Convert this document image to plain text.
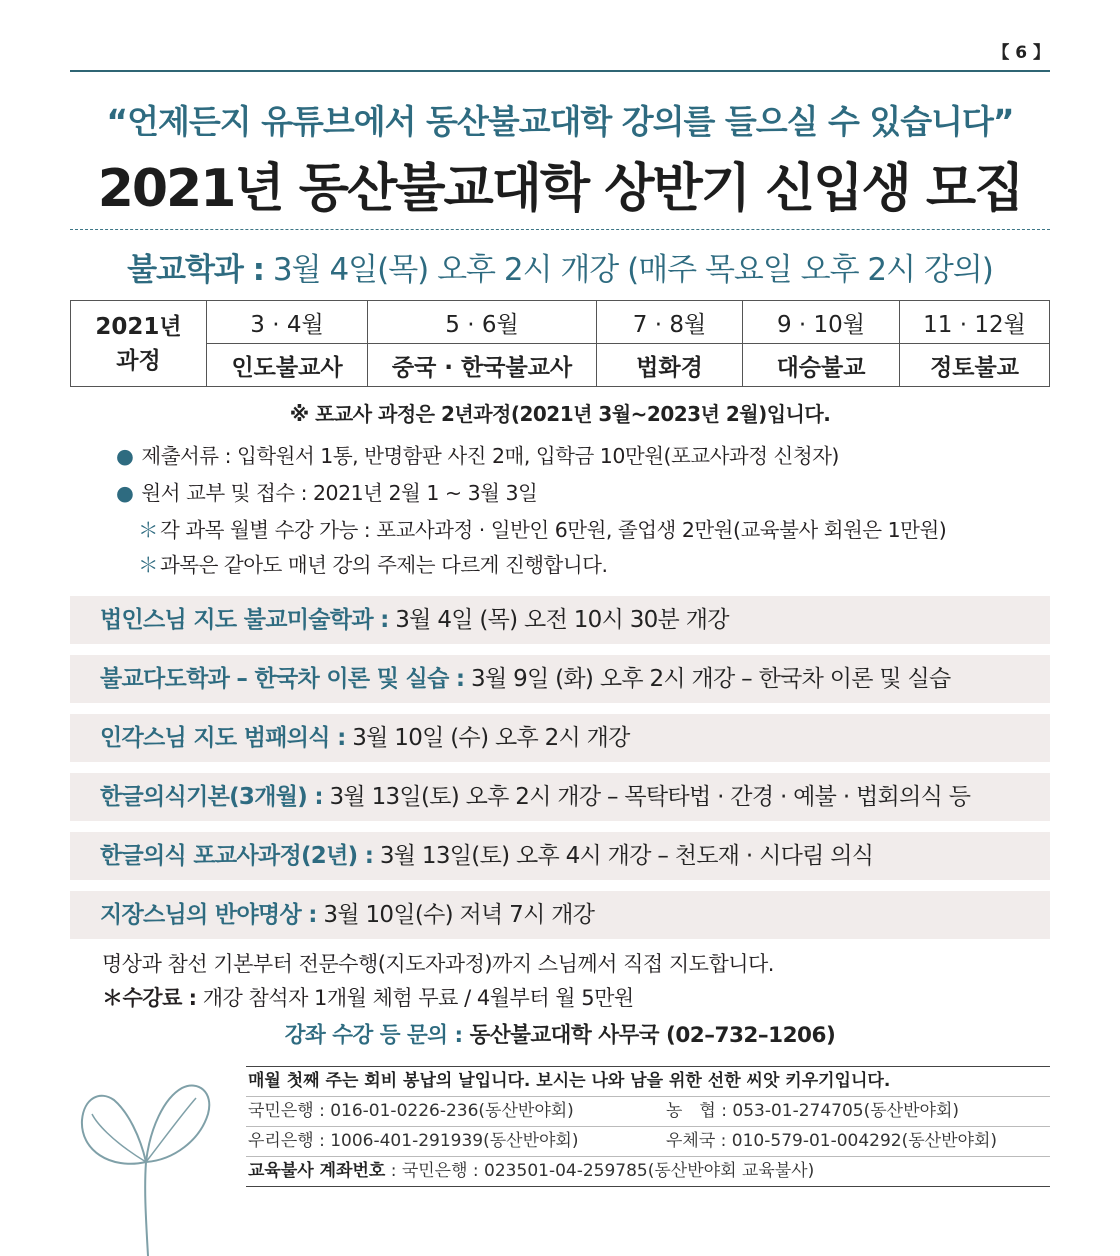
【 6 】
“언제든지 유튜브에서 동산불교대학 강의를 들으실 수 있습니다”
2021년 동산불교대학 상반기 신입생 모집
불교학과 : 3월 4일(목) 오후 2시 개강 (매주 목요일 오후 2시 강의)
2021년
과정	3 · 4월	5 · 6월	7 · 8월	9 · 10월	11 · 12월
	인도불교사	중국 · 한국불교사	법화경	대승불교	정토불교
※ 포교사 과정은 2년과정(2021년 3월~2023년 2월)입니다.
● 제출서류 : 입학원서 1통, 반명함판 사진 2매, 입학금 10만원(포교사과정 신청자)
● 원서 교부 및 접수 : 2021년 2월 1 ~ 3월 3일
＊각 과목 월별 수강 가능 : 포교사과정 · 일반인 6만원, 졸업생 2만원(교육불사 회원은 1만원)
＊과목은 같아도 매년 강의 주제는 다르게 진행합니다.
법인스님 지도 불교미술학과 : 3월 4일 (목) 오전 10시 30분 개강
불교다도학과 – 한국차 이론 및 실습 : 3월 9일 (화) 오후 2시 개강 – 한국차 이론 및 실습
인각스님 지도 범패의식 : 3월 10일 (수) 오후 2시 개강
한글의식기본(3개월) : 3월 13일(토) 오후 2시 개강 – 목탁타법 · 간경 · 예불 · 법회의식 등
한글의식 포교사과정(2년) : 3월 13일(토) 오후 4시 개강 – 천도재 · 시다림 의식
지장스님의 반야명상 : 3월 10일(수) 저녁 7시 개강
명상과 참선 기본부터 전문수행(지도자과정)까지 스님께서 직접 지도합니다.
＊수강료 : 개강 참석자 1개월 체험 무료 / 4월부터 월 5만원
강좌 수강 등 문의 : 동산불교대학 사무국 (02–732–1206)
매월 첫째 주는 회비 봉납의 날입니다. 보시는 나와 남을 위한 선한 씨앗 키우기입니다.
국민은행 : 016-01-0226-236(동산반야회)	농　협 : 053-01-274705(동산반야회)
우리은행 : 1006-401-291939(동산반야회)	우체국 : 010-579-01-004292(동산반야회)
교육불사 계좌번호 : 국민은행 : 023501-04-259785(동산반야회 교육불사)
